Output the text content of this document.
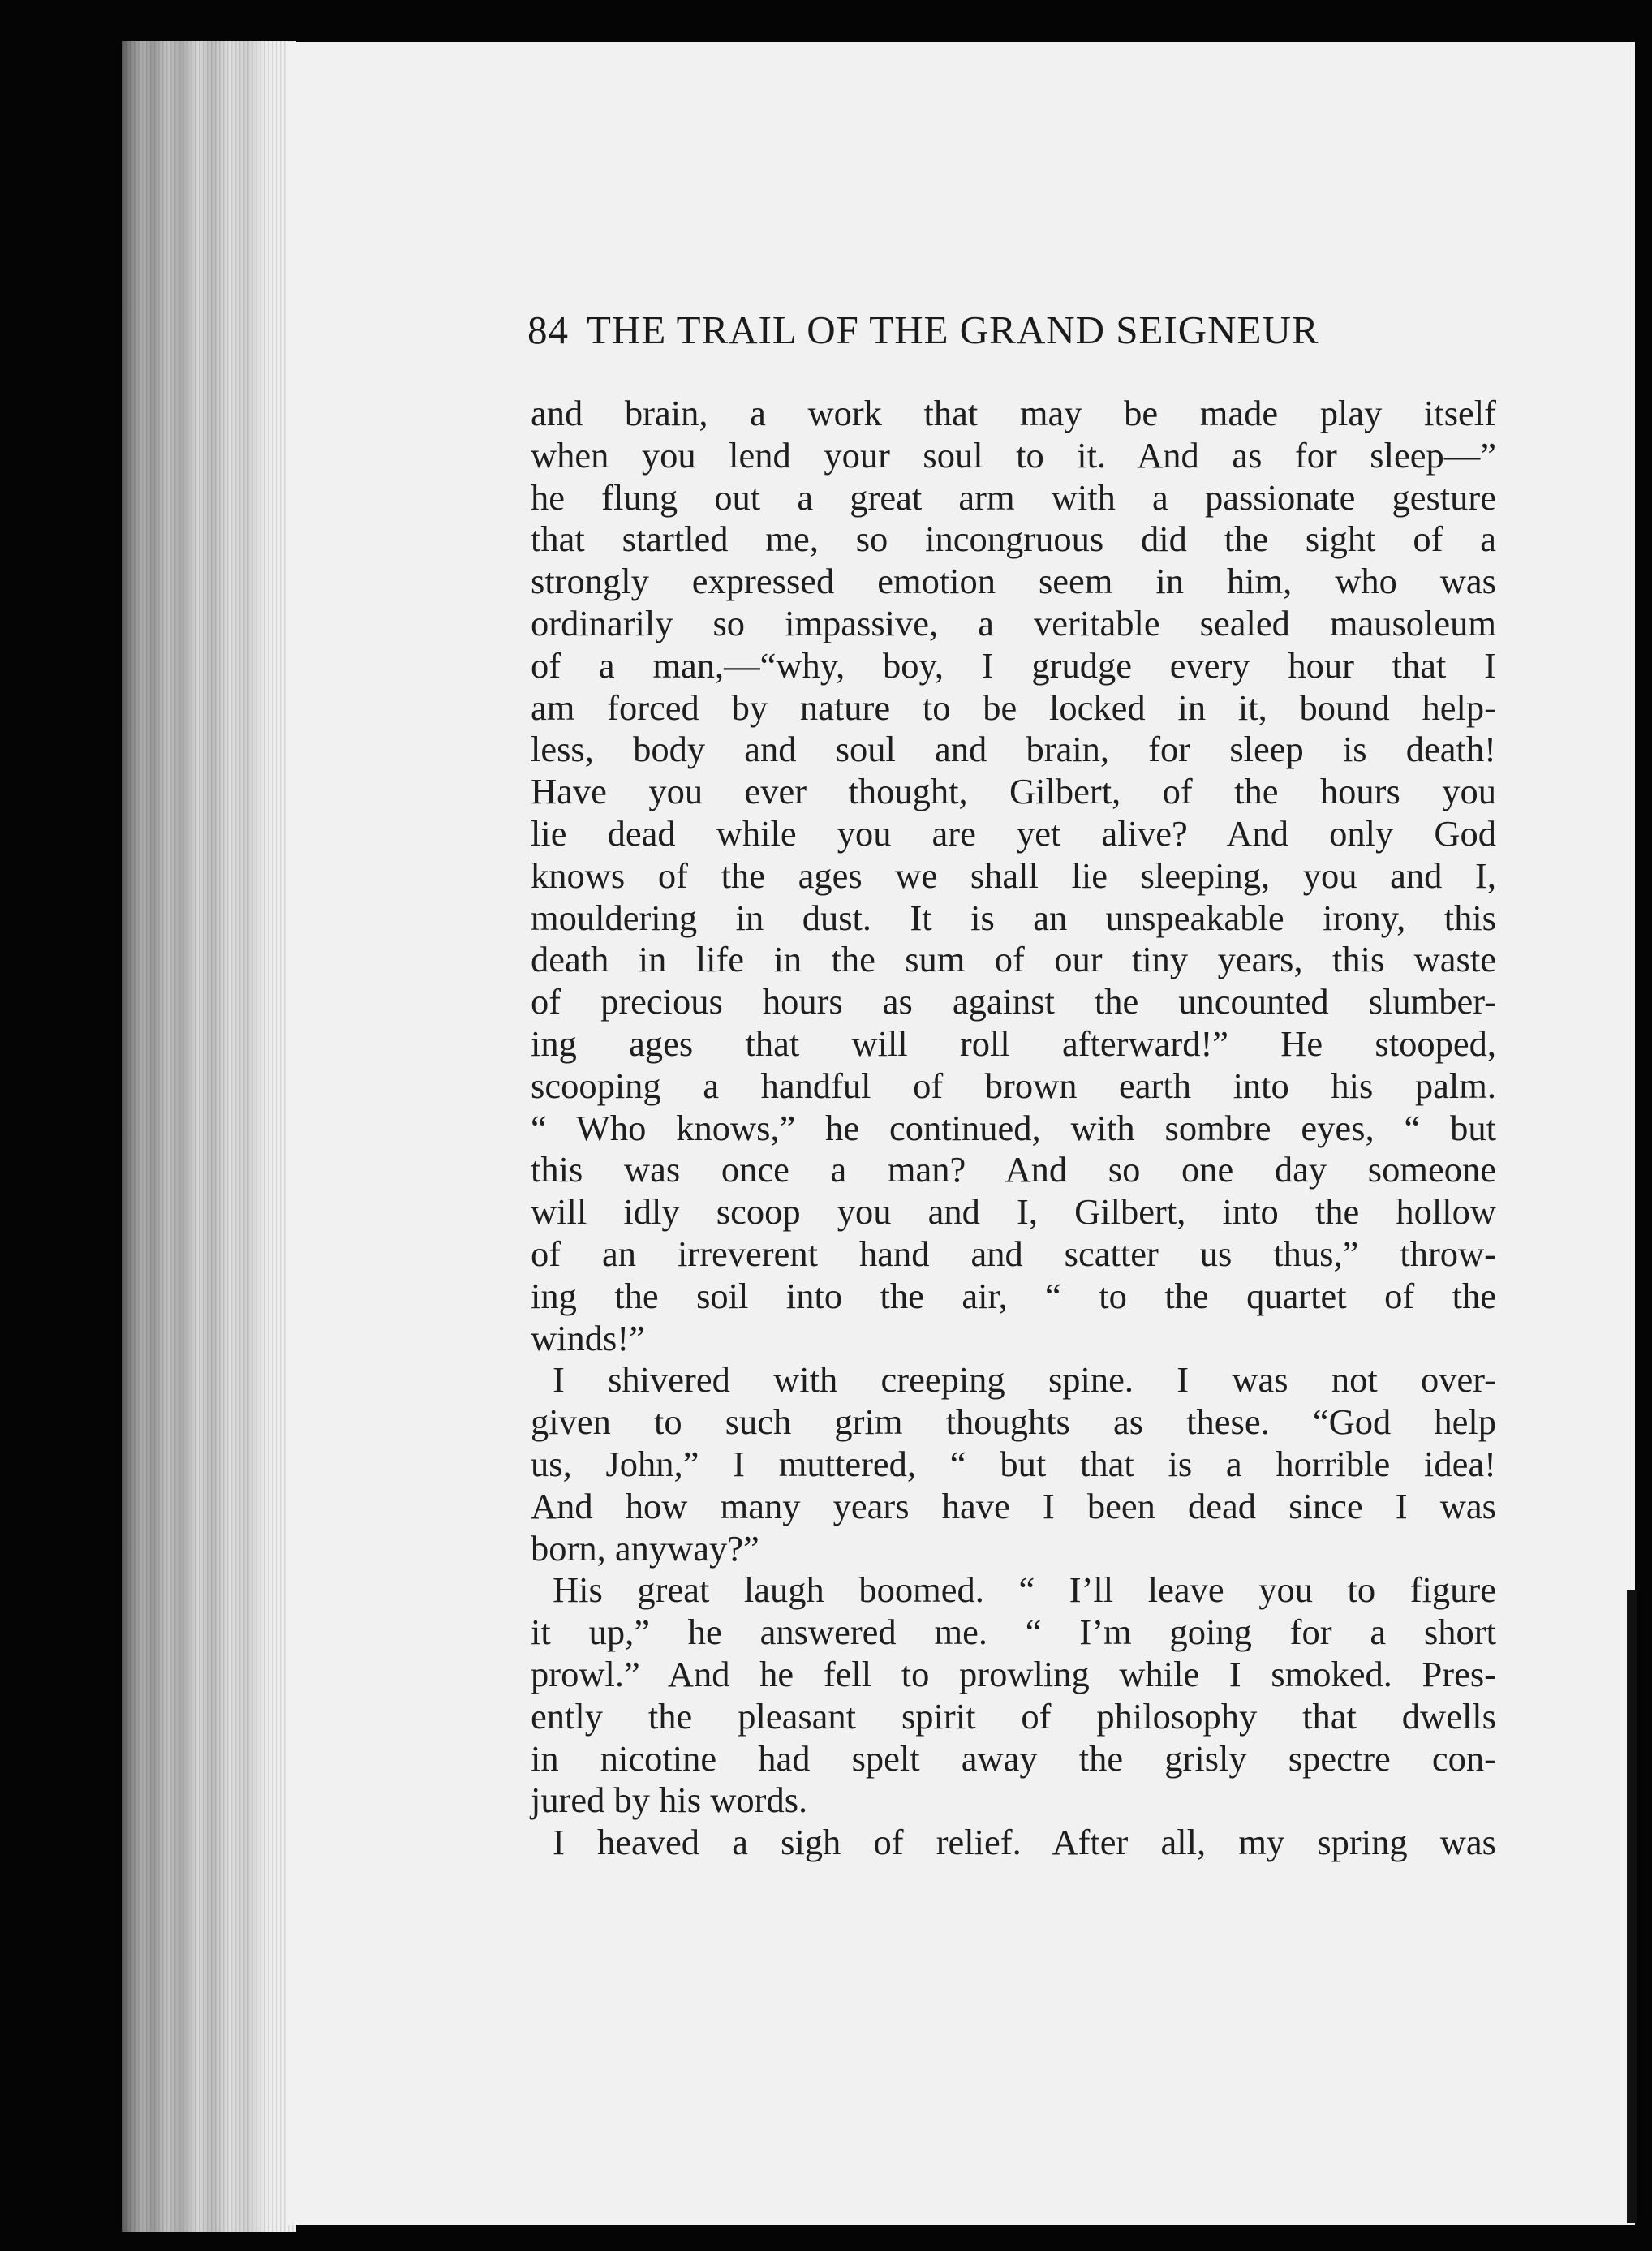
84 THE TRAIL OF THE GRAND SEIGNEUR
and brain, a work that may be made play itself
when you lend your soul to it. And as for sleep—”
he flung out a great arm with a passionate gesture
that startled me, so incongruous did the sight of a
strongly expressed emotion seem in him, who was
ordinarily so impassive, a veritable sealed mausoleum
of a man,—“why, boy, I grudge every hour that I
am forced by nature to be locked in it, bound help-
less, body and soul and brain, for sleep is death!
Have you ever thought, Gilbert, of the hours you
lie dead while you are yet alive? And only God
knows of the ages we shall lie sleeping, you and I,
mouldering in dust. It is an unspeakable irony, this
death in life in the sum of our tiny years, this waste
of precious hours as against the uncounted slumber-
ing ages that will roll afterward!” He stooped,
scooping a handful of brown earth into his palm.
“ Who knows,” he continued, with sombre eyes, “ but
this was once a man? And so one day someone
will idly scoop you and I, Gilbert, into the hollow
of an irreverent hand and scatter us thus,” throw-
ing the soil into the air, “ to the quartet of the
winds!”
I shivered with creeping spine. I was not over-
given to such grim thoughts as these. “God help
us, John,” I muttered, “ but that is a horrible idea!
And how many years have I been dead since I was
born, anyway?”
His great laugh boomed. “ I’ll leave you to figure
it up,” he answered me. “ I’m going for a short
prowl.” And he fell to prowling while I smoked. Pres-
ently the pleasant spirit of philosophy that dwells
in nicotine had spelt away the grisly spectre con-
jured by his words.
I heaved a sigh of relief. After all, my spring was
